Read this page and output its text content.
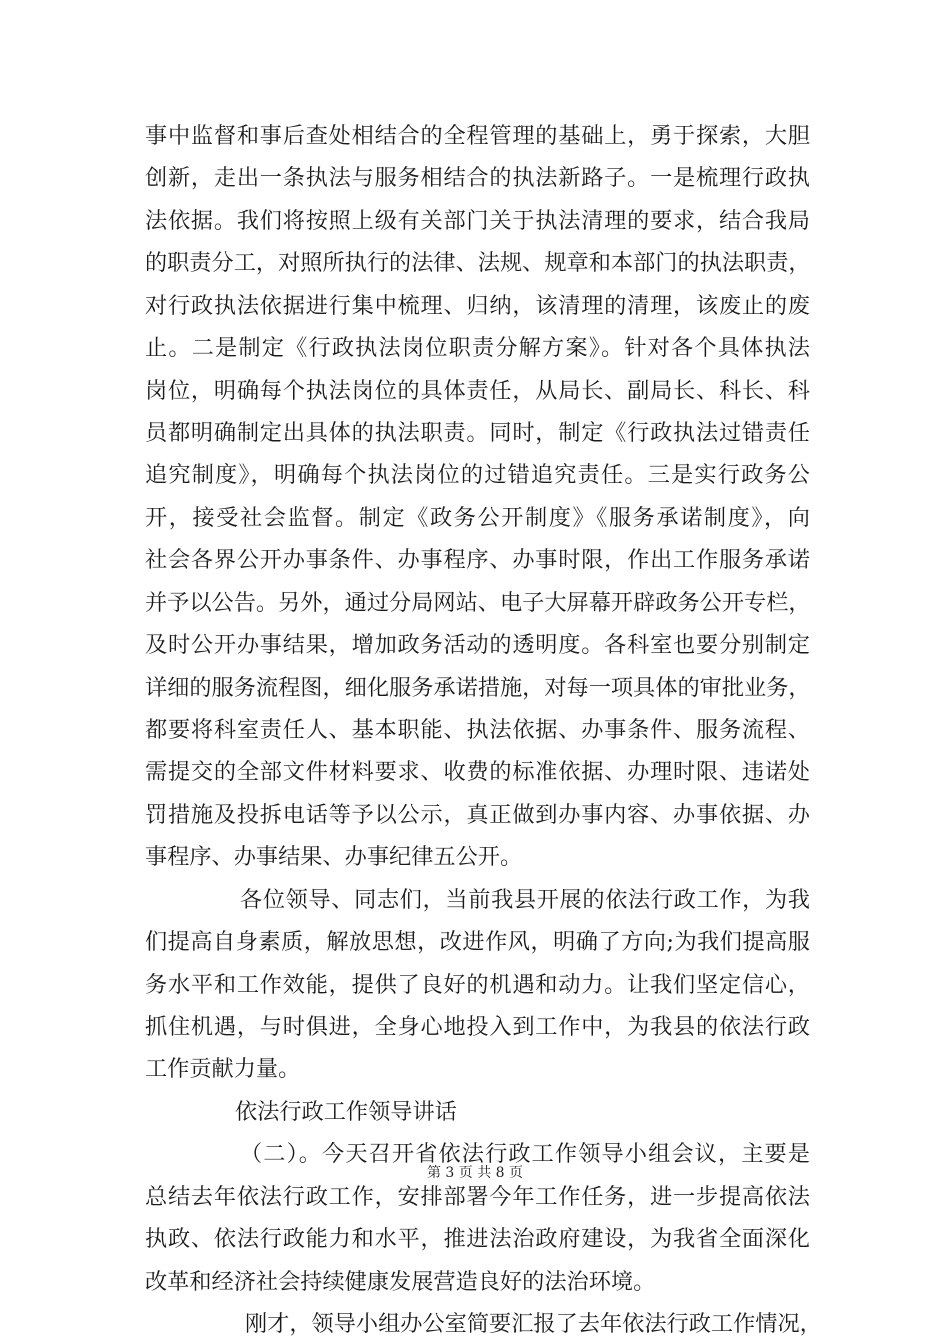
事中监督和事后查处相结合的全程管理的基础上，勇于探索，大胆
创新，走出一条执法与服务相结合的执法新路子。一是梳理行政执
法依据。我们将按照上级有关部门关于执法清理的要求，结合我局
的职责分工，对照所执行的法律、法规、规章和本部门的执法职责，
对行政执法依据进行集中梳理、归纳，该清理的清理，该废止的废
止。二是制定《行政执法岗位职责分解方案》。针对各个具体执法
岗位，明确每个执法岗位的具体责任，从局长、副局长、科长、科
员都明确制定出具体的执法职责。同时，制定《行政执法过错责任
追究制度》，明确每个执法岗位的过错追究责任。三是实行政务公
开，接受社会监督。制定《政务公开制度》《服务承诺制度》，向
社会各界公开办事条件、办事程序、办事时限，作出工作服务承诺
并予以公告。另外，通过分局网站、电子大屏幕开辟政务公开专栏，
及时公开办事结果，增加政务活动的透明度。各科室也要分别制定
详细的服务流程图，细化服务承诺措施，对每一项具体的审批业务，
都要将科室责任人、基本职能、执法依据、办事条件、服务流程、
需提交的全部文件材料要求、收费的标准依据、办理时限、违诺处
罚措施及投拆电话等予以公示，真正做到办事内容、办事依据、办
事程序、办事结果、办事纪律五公开。
各位领导、同志们，当前我县开展的依法行政工作，为我
们提高自身素质，解放思想，改进作风，明确了方向;为我们提高服
务水平和工作效能，提供了良好的机遇和动力。让我们坚定信心，
抓住机遇，与时俱进，全身心地投入到工作中，为我县的依法行政
工作贡献力量。
依法行政工作领导讲话
（二）。今天召开省依法行政工作领导小组会议，主要是
总结去年依法行政工作，安排部署今年工作任务，进一步提高依法
执政、依法行政能力和水平，推进法治政府建设，为我省全面深化
改革和经济社会持续健康发展营造良好的法治环境。
刚才，领导小组办公室简要汇报了去年依法行政工作情况，
第 3 页 共 8 页
